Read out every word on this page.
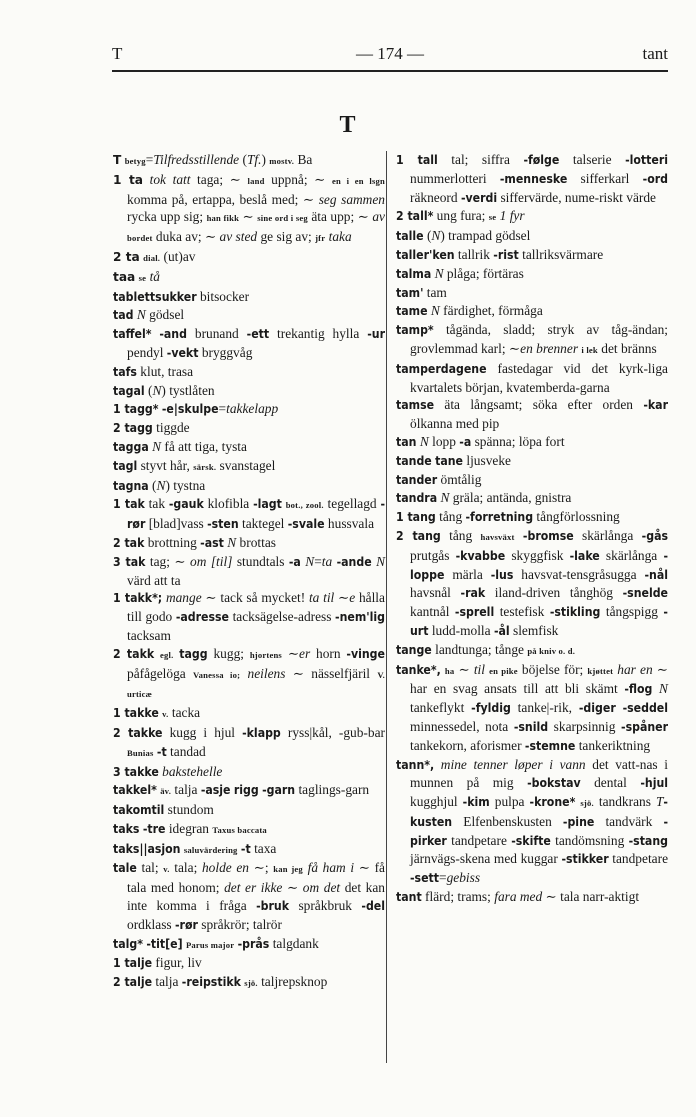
T	— 174 —	tant
T

T betyg=Tilfredsstillende (Tf.) mostv. Ba

1 ta tok tatt taga; ∼ land uppnå; ∼ en i en lsgn komma på, ertappa, beslå med; ∼ seg sammen rycka upp sig; han fikk ∼ sine ord i seg äta upp; ∼ av bordet duka av; ∼ av sted ge sig av; jfr taka

2 ta dial. (ut)av

taa se tå

tablettsukker bitsocker

tad N gödsel

taffel* -and brunand -ett trekantig hylla -ur pendyl -vekt bryggvåg

tafs klut, trasa

tagal (N) tystlåten

1 tagg* -e|skulpe=takkelapp

2 tagg tiggde

tagga N få att tiga, tysta

tagl styvt hår, särsk. svanstagel

tagna (N) tystna

1 tak tak -gauk klofibla -lagt bot., zool. tegellagd -rør [blad]vass -sten taktegel -svale hussvala

2 tak brottning -ast N brottas

3 tak tag; ∼ om [til] stundtals -a N=ta -ande N värd att ta

1 takk*; mange ∼ tack så mycket! ta til ∼e hålla till godo -adresse tacksägelse-adress -nem'lig tacksam

2 takk egl. tagg kugg; hjortens ∼er horn -vinge påfågelöga Vanessa io; neilens ∼ nässelfjäril V. urticæ

1 takke v. tacka

2 takke kugg i hjul -klapp ryss|kål, -gub-bar Bunias -t tandad

3 takke bakstehelle

takkel* äv. talja -asje rigg -garn taglings-garn

takomtil stundom

taks -tre idegran Taxus baccata

taks||asjon saluvärdering -t taxa

tale tal; v. tala; holde en ∼; kan jeg få ham i ∼ få tala med honom; det er ikke ∼ om det det kan inte komma i fråga -bruk språkbruk -del ordklass -rør språkrör; talrör

talg* -tit[e] Parus major -prås talgdank

1 talje figur, liv

2 talje talja -reipstikk sjö. taljrepsknop

1 tall tal; siffra -følge talserie -lotteri nummerlotteri -menneske sifferkarl -ord räkneord -verdi siffervärde, nume-riskt värde

2 tall* ung fura; se 1 fyr

talle (N) trampad gödsel

taller'ken tallrik -rist tallriksvärmare

talma N plåga; förtäras

tam' tam

tame N färdighet, förmåga

tamp* tågända, sladd; stryk av tåg-ändan; grovlemmad karl; ∼en brenner i lek det bränns

tamperdagene fastedagar vid det kyrk-liga kvartalets början, kvatemberda-garna

tamse äta långsamt; söka efter orden -kar ölkanna med pip

tan N lopp -a spänna; löpa fort

tande tane ljusveke

tander ömtålig

tandra N gräla; antända, gnistra

1 tang tång -forretning tångförlossning

2 tang tång havsväxt -bromse skärlånga -gås prutgås -kvabbe skyggfisk -lake skärlånga -loppe märla -lus havsvat-tensgråsugga -nål havsnål -rak iland-driven tånghög -snelde kantnål -sprell testefisk -stikling tångspigg -urt ludd-molla -ål slemfisk

tange landtunga; tånge på kniv o. d.

tanke*, ha ∼ til en pike böjelse för; kjøttet har en ∼ har en svag ansats till att bli skämt -flog N tankeflykt -fyldig tanke|-rik, -diger -seddel minnessedel, nota -snild skarpsinnig -spåner tankekorn, aforismer -stemne tankeriktning

tann*, mine tenner løper i vann det vatt-nas i munnen på mig -bokstav dental -hjul kugghjul -kim pulpa -krone* sjö. tandkrans T-kusten Elfenbenskusten -pine tandvärk -pirker tandpetare -skifte tandömsning -stang järnvägs-skena med kuggar -stikker tandpetare -sett=gebiss

tant flärd; trams; fara med ∼ tala narr-aktigt
